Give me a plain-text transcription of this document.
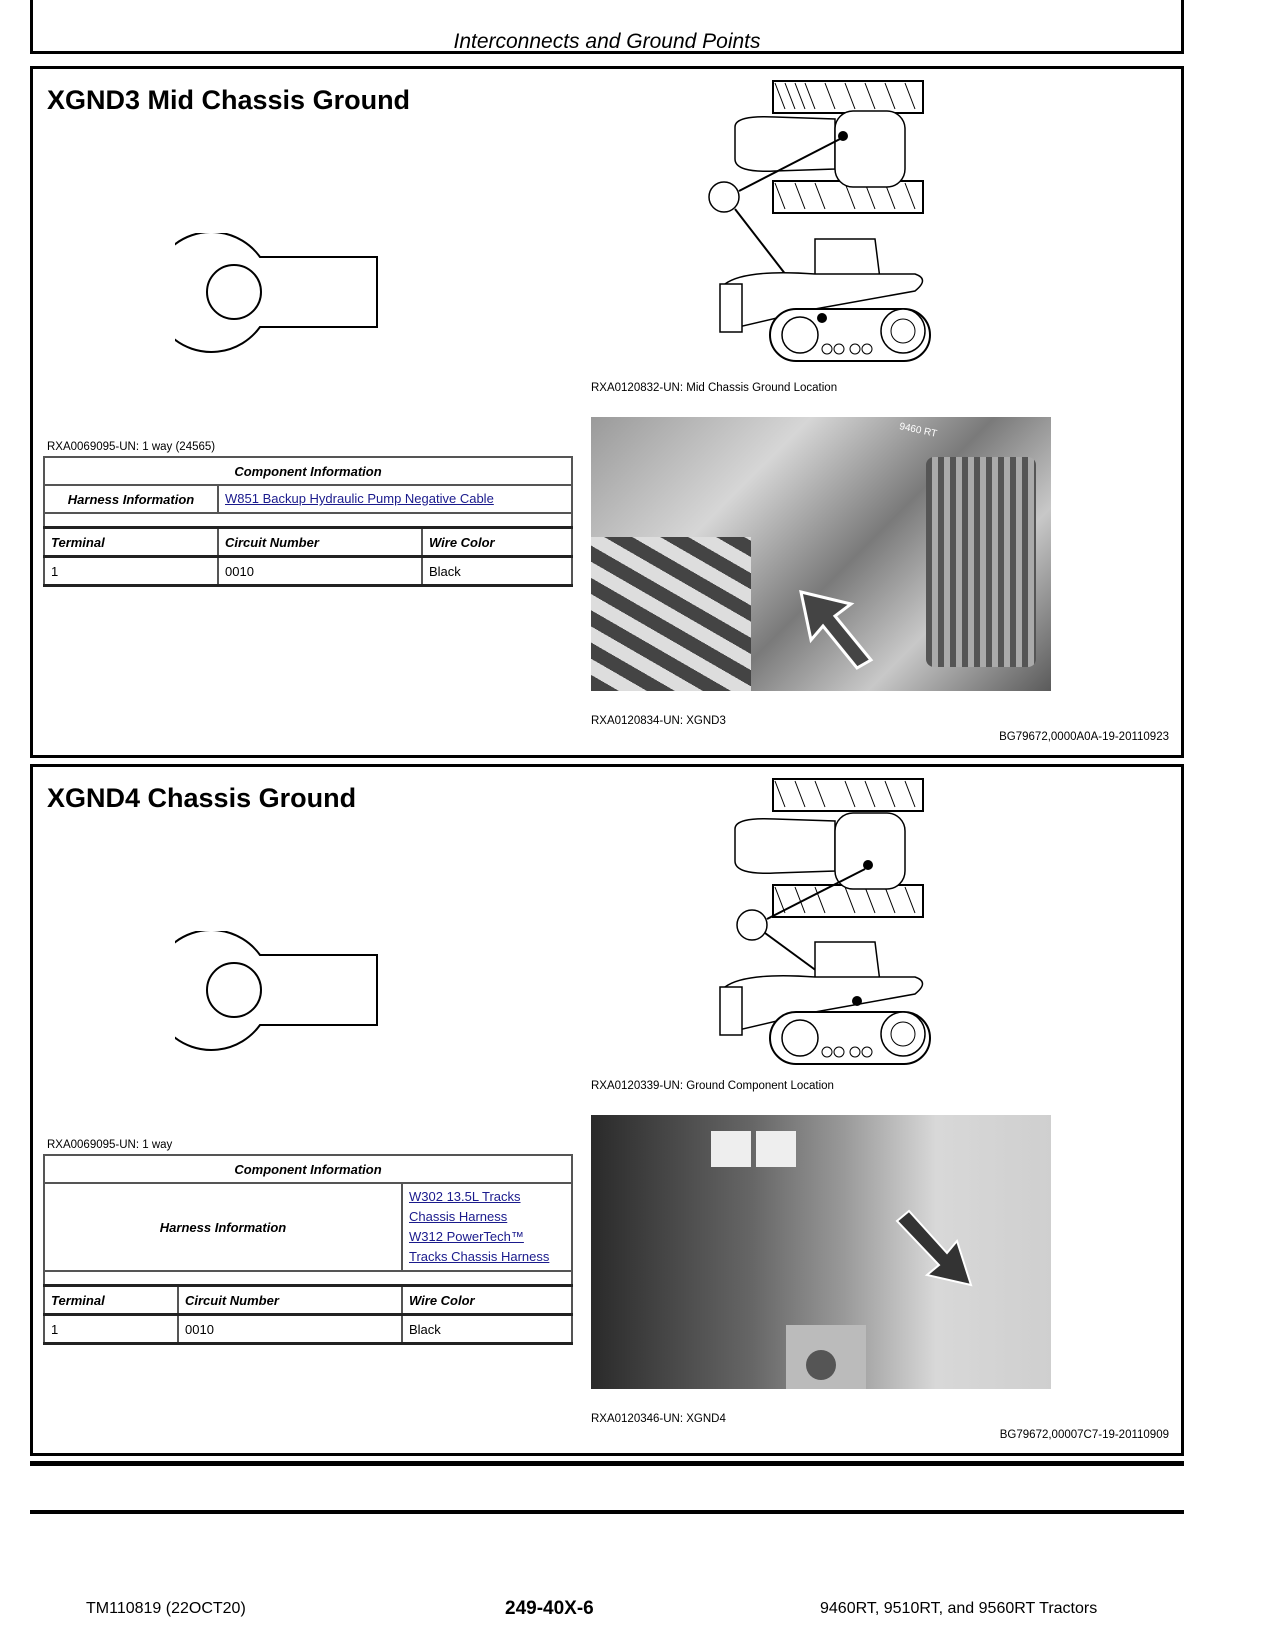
Interconnects and Ground Points
XGND3 Mid Chassis Ground
RXA0069095-UN: 1 way (24565)
Component Information		
Harness Information	W851 Backup Hydraulic Pump Negative Cable	

Terminal	Circuit Number	Wire Color
1	0010	Black
RXA0120832-UN: Mid Chassis Ground Location
9460 RT
RXA0120834-UN: XGND3
BG79672,0000A0A-19-20110923
XGND4 Chassis Ground
RXA0069095-UN: 1 way
Component Information		
Harness Information		W302 13.5L Tracks Chassis Harness
W312 PowerTech™ Tracks Chassis Harness

Terminal	Circuit Number	Wire Color
1	0010	Black
RXA0120339-UN: Ground Component Location
RXA0120346-UN: XGND4
BG79672,00007C7-19-20110909
TM110819 (22OCT20)	249-40X-6	9460RT, 9510RT, and 9560RT Tractors
